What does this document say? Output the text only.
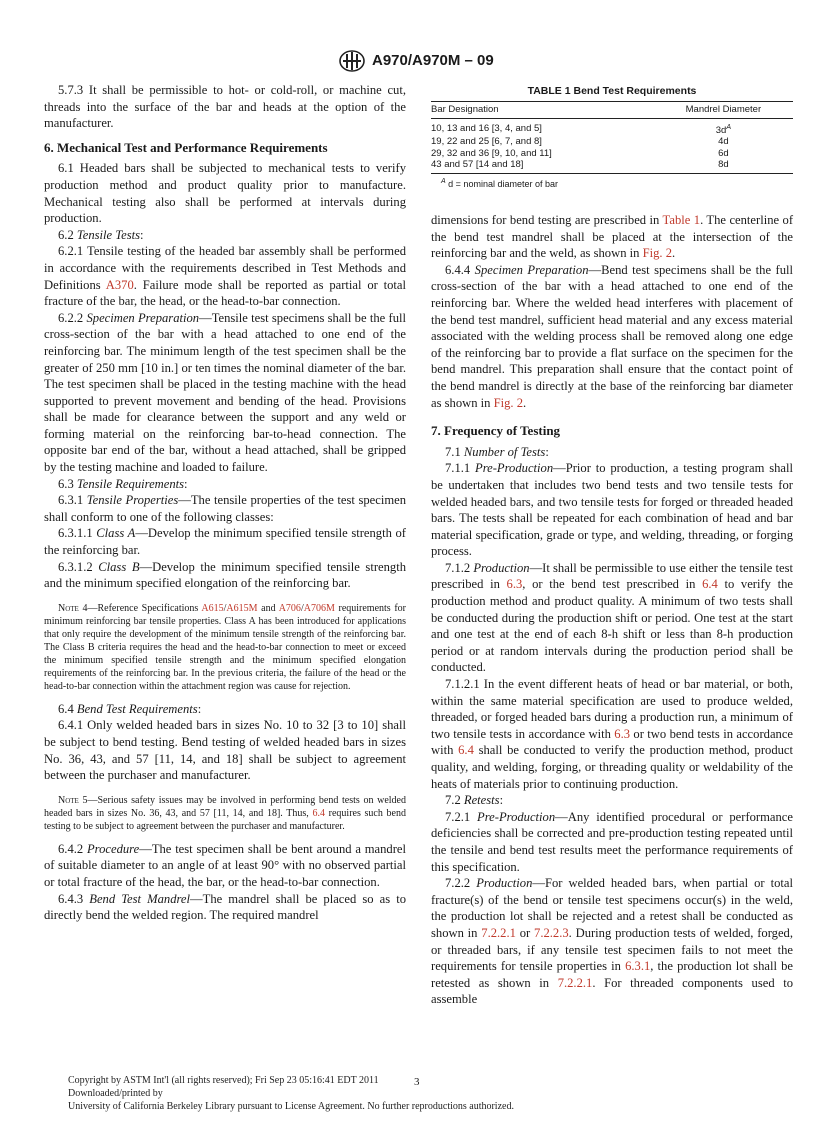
A970/A970M – 09

5.7.3 It shall be permissible to hot- or cold-roll, or machine cut, threads into the surface of the bar and heads at the option of the manufacturer.

6. Mechanical Test and Performance Requirements

6.1 Headed bars shall be subjected to mechanical tests to verify production method and product quality prior to manufacture. Mechanical testing also shall be performed at intervals during production.

6.2 Tensile Tests:

6.2.1 Tensile testing of the headed bar assembly shall be performed in accordance with the requirements described in Test Methods and Definitions A370. Failure mode shall be reported as partial or total fracture of the bar, the head, or the head-to-bar connection.

6.2.2 Specimen Preparation—Tensile test specimens shall be the full cross-section of the bar with a head attached to one end of the reinforcing bar. The minimum length of the test specimen shall be the greater of 250 mm [10 in.] or ten times the nominal diameter of the bar. The test specimen shall be placed in the testing machine with the head supported to prevent movement and bending of the head. Provisions shall be made for clearance between the support and any weld or forming material on the reinforcing bar-to-head connection. The opposite bar end of the bar, without a head attached, shall be gripped by the testing machine and loaded to failure.

6.3 Tensile Requirements:

6.3.1 Tensile Properties—The tensile properties of the test specimen shall conform to one of the following classes:

6.3.1.1 Class A—Develop the minimum specified tensile strength of the reinforcing bar.

6.3.1.2 Class B—Develop the minimum specified tensile strength and the minimum specified elongation of the reinforcing bar.

Note 4—Reference Specifications A615/A615M and A706/A706M requirements for minimum reinforcing bar tensile properties. Class A has been introduced for applications that only require the development of the minimum tensile strength of the reinforcing bar. The Class B criteria requires the head and the head-to-bar connection to meet or exceed the minimum specified tensile strength and the minimum specified elongation requirements of the reinforcing bar. In the previous criteria, the failure of the head or the head-to-bar connection within the attachment region was cause for rejection.

6.4 Bend Test Requirements:

6.4.1 Only welded headed bars in sizes No. 10 to 32 [3 to 10] shall be subject to bend testing. Bend testing of welded headed bars in sizes No. 36, 43, and 57 [11, 14, and 18] shall be subject to agreement between the purchaser and manufacturer.

Note 5—Serious safety issues may be involved in performing bend tests on welded headed bars in sizes No. 36, 43, and 57 [11, 14, and 18]. Thus, 6.4 requires such bend testing to be subject to agreement between the purchaser and manufacturer.

6.4.2 Procedure—The test specimen shall be bent around a mandrel of suitable diameter to an angle of at least 90° with no observed partial or total fracture of the head, the bar, or the head-to-bar connection.

6.4.3 Bend Test Mandrel—The mandrel shall be placed so as to directly bend the welded region. The required mandrel

TABLE 1 Bend Test Requirements
Bar Designation	Mandrel Diameter
10, 13 and 16 [3, 4, and 5]	$3d^A$
19, 22 and 25 [6, 7, and 8]	4d
29, 32 and 36 [9, 10, and 11]	6d
43 and 57 [14 and 18]	8d
$^A$ d = nominal diameter of bar

dimensions for bend testing are prescribed in Table 1. The centerline of the bend test mandrel shall be placed at the intersection of the reinforcing bar and the weld, as shown in Fig. 2.

6.4.4 Specimen Preparation—Bend test specimens shall be the full cross-section of the bar with a head attached to one end of the reinforcing bar. Where the welded head interferes with placement of the bend test mandrel, sufficient head material and any excess material associated with the welding process shall be removed along one edge of the reinforcing bar to provide a flat surface on the specimen for the bend mandrel. This preparation shall ensure that the contact point of the bend mandrel is directly at the base of the reinforcing bar diameter as shown in Fig. 2.

7. Frequency of Testing

7.1 Number of Tests:

7.1.1 Pre-Production—Prior to production, a testing program shall be undertaken that includes two bend tests and two tensile tests for welded headed bars, and two tensile tests for forged or threaded headed bars. The tests shall be repeated for each combination of head and bar material specification, grade or type, and welding, threading, or forging process.

7.1.2 Production—It shall be permissible to use either the tensile test prescribed in 6.3, or the bend test prescribed in 6.4 to verify the production method and product quality. A minimum of two tests shall be conducted during the production shift or period. One test at the start and one test at the end of each 8-h shift or less than 8-h production period or at random intervals during the production period shall be conducted.

7.1.2.1 In the event different heats of head or bar material, or both, within the same material specification are used to produce welded, threaded, or forged headed bars during a production run, a minimum of two tensile tests in accordance with 6.3 or two bend tests in accordance with 6.4 shall be conducted to verify the production method, product quality, and welding, forging, or threading quality or weldability of the heats of materials prior to continuing production.

7.2 Retests:

7.2.1 Pre-Production—Any identified procedural or performance deficiencies shall be corrected and pre-production testing repeated until the tensile and bend test results meet the performance requirements of this specification.

7.2.2 Production—For welded headed bars, when partial or total fracture(s) of the bend or tensile test specimens occur(s) in the weld, the production lot shall be rejected and a retest shall be conducted as shown in 7.2.2.1 or 7.2.2.3. During production tests of welded, forged, or threaded bars, if any tensile test specimen fails to not meet the requirements for tensile properties in 6.3.1, the production lot shall be retested as shown in 7.2.2.1. For threaded components used to assemble

Copyright by ASTM Int'l (all rights reserved); Fri Sep 23 05:16:41 EDT 2011
Downloaded/printed by
University of California Berkeley Library pursuant to License Agreement. No further reproductions authorized.
3
